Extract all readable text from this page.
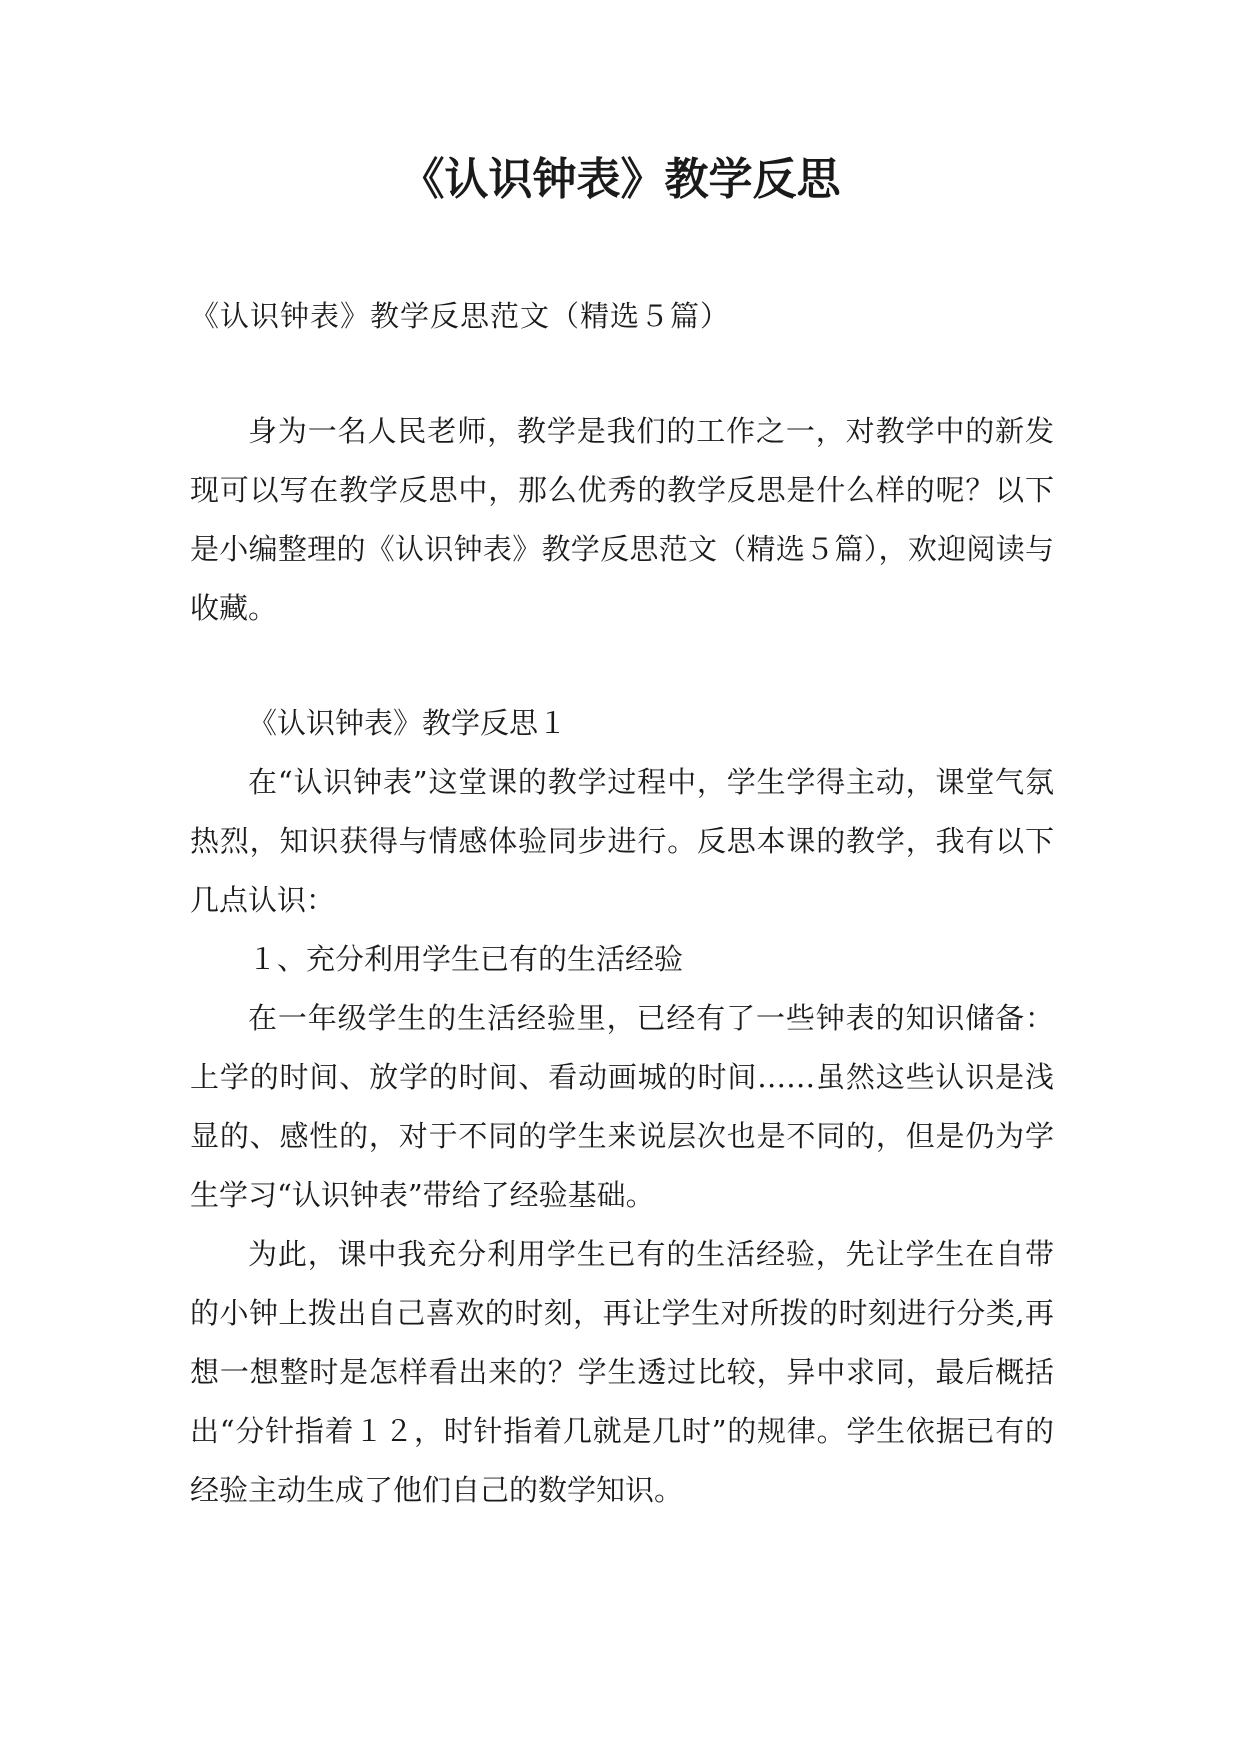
《认识钟表》教学反思

《认识钟表》教学反思范文（精选５篇）

身为一名人民老师，教学是我们的工作之一，对教学中的新发现可以写在教学反思中，那么优秀的教学反思是什么样的呢？以下是小编整理的《认识钟表》教学反思范文（精选５篇），欢迎阅读与收藏。

《认识钟表》教学反思１

在“认识钟表”这堂课的教学过程中，学生学得主动，课堂气氛热烈，知识获得与情感体验同步进行。反思本课的教学，我有以下几点认识：

１、充分利用学生已有的生活经验

在一年级学生的生活经验里，已经有了一些钟表的知识储备：上学的时间、放学的时间、看动画城的时间……虽然这些认识是浅显的、感性的，对于不同的学生来说层次也是不同的，但是仍为学生学习“认识钟表”带给了经验基础。

为此，课中我充分利用学生已有的生活经验，先让学生在自带的小钟上拨出自己喜欢的时刻，再让学生对所拨的时刻进行分类,再想一想整时是怎样看出来的？学生透过比较，异中求同，最后概括出“分针指着１２，时针指着几就是几时”的规律。学生依据已有的经验主动生成了他们自己的数学知识。
